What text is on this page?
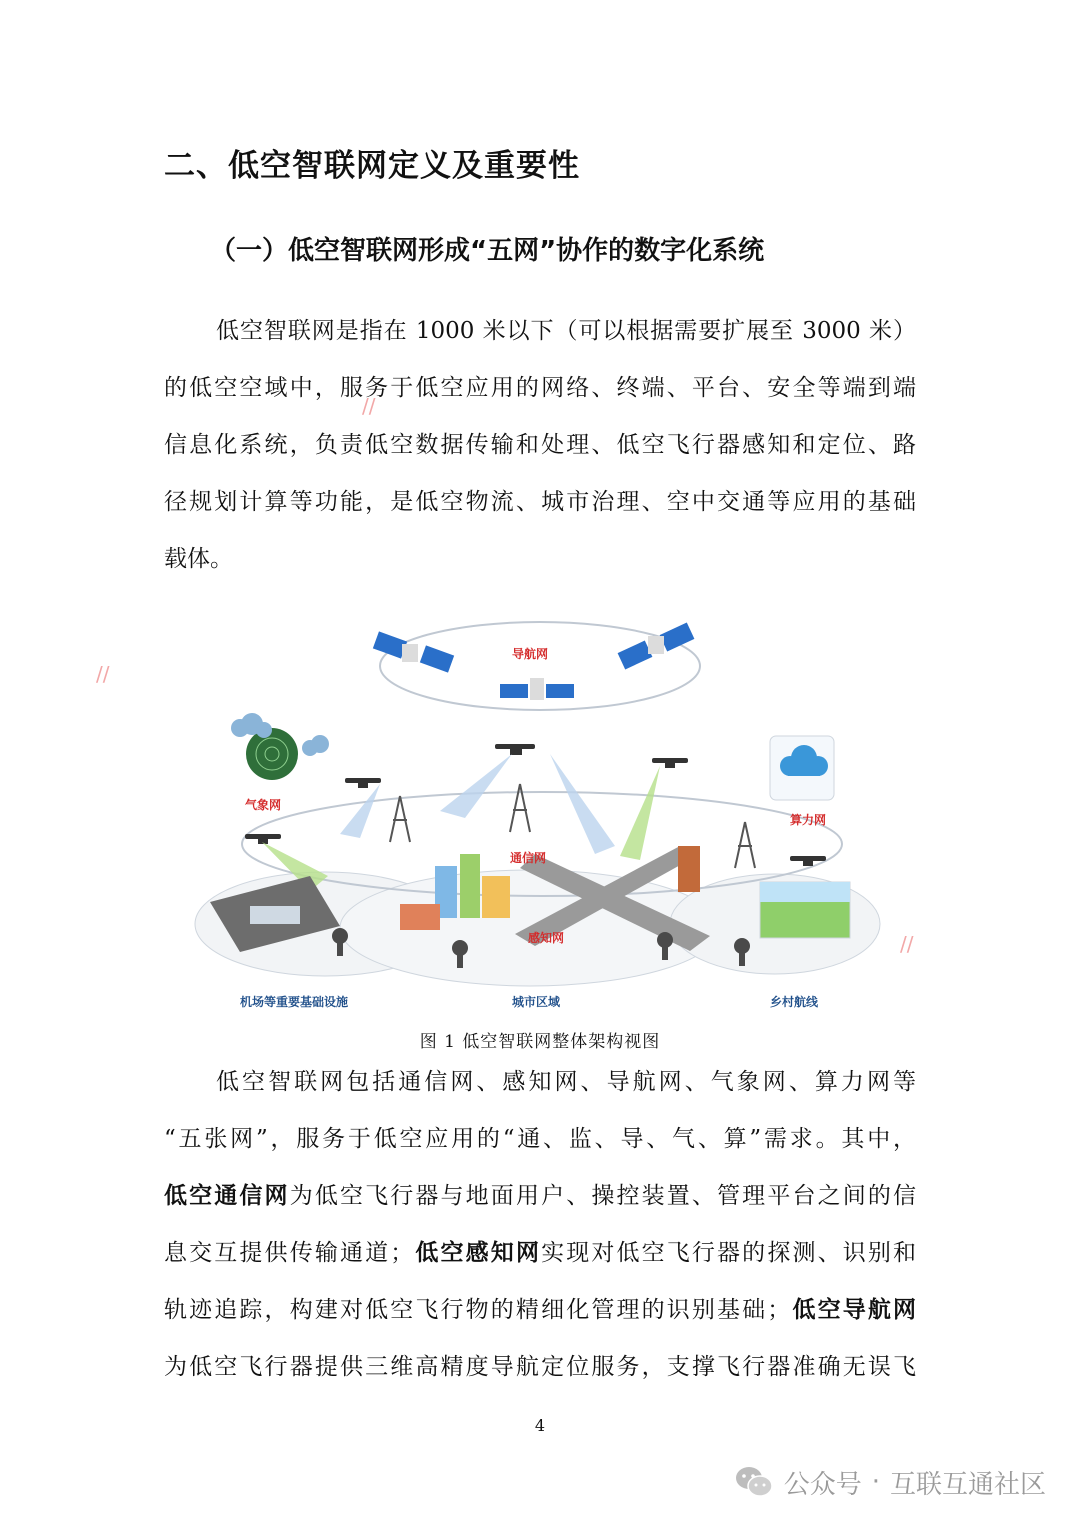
二、低空智联网定义及重要性
（一）低空智联网形成“五网”协作的数字化系统
低空智联网是指在 1000 米以下（可以根据需要扩展至 3000 米）
的低空空域中，服务于低空应用的网络、终端、平台、安全等端到端
信息化系统，负责低空数据传输和处理、低空飞行器感知和定位、路
径规划计算等功能，是低空物流、城市治理、空中交通等应用的基础
载体。
//
//
//
导航网
气象网
算力网
通信网
感知网
机场等重要基础设施	城市区域	乡村航线
图 1 低空智联网整体架构视图
低空智联网包括通信网、感知网、导航网、气象网、算力网等
“五张网”，服务于低空应用的“通、监、导、气、算”需求。其中，
低空通信网为低空飞行器与地面用户、操控装置、管理平台之间的信
息交互提供传输通道；低空感知网实现对低空飞行器的探测、识别和
轨迹追踪，构建对低空飞行物的精细化管理的识别基础；低空导航网
为低空飞行器提供三维高精度导航定位服务，支撑飞行器准确无误飞
4
公众号 · 互联互通社区
